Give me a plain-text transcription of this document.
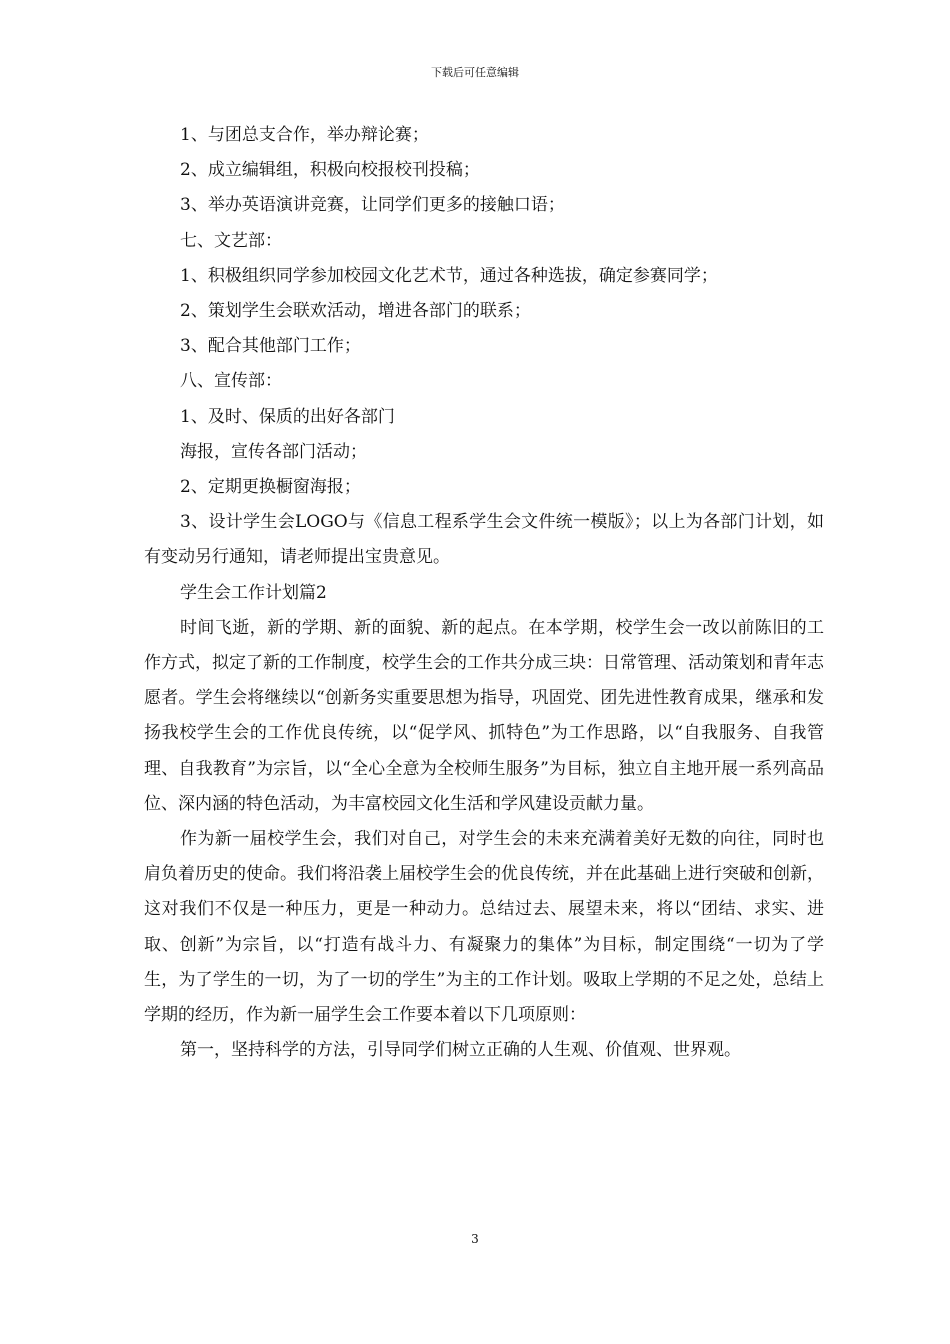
下载后可任意编辑

1、与团总支合作，举办辩论赛；

2、成立编辑组，积极向校报校刊投稿；

3、举办英语演讲竞赛，让同学们更多的接触口语；

七、文艺部：

1、积极组织同学参加校园文化艺术节，通过各种选拔，确定参赛同学；

2、策划学生会联欢活动，增进各部门的联系；

3、配合其他部门工作；

八、宣传部：

1、及时、保质的出好各部门

海报，宣传各部门活动；

2、定期更换橱窗海报；

3、设计学生会LOGO与《信息工程系学生会文件统一模版》；以上为各部门计划，如有变动另行通知，请老师提出宝贵意见。

学生会工作计划篇2

时间飞逝，新的学期、新的面貌、新的起点。在本学期，校学生会一改以前陈旧的工作方式，拟定了新的工作制度，校学生会的工作共分成三块：日常管理、活动策划和青年志愿者。学生会将继续以“创新务实重要思想为指导，巩固党、团先进性教育成果，继承和发扬我校学生会的工作优良传统，以“促学风、抓特色”为工作思路，以“自我服务、自我管理、自我教育”为宗旨，以“全心全意为全校师生服务”为目标，独立自主地开展一系列高品位、深内涵的特色活动，为丰富校园文化生活和学风建设贡献力量。

作为新一届校学生会，我们对自己，对学生会的未来充满着美好无数的向往，同时也肩负着历史的使命。我们将沿袭上届校学生会的优良传统，并在此基础上进行突破和创新，这对我们不仅是一种压力，更是一种动力。总结过去、展望未来，将以“团结、求实、进取、创新”为宗旨，以“打造有战斗力、有凝聚力的集体”为目标，制定围绕“一切为了学生，为了学生的一切，为了一切的学生”为主的工作计划。吸取上学期的不足之处，总结上学期的经历，作为新一届学生会工作要本着以下几项原则：

第一，坚持科学的方法，引导同学们树立正确的人生观、价值观、世界观。

3
